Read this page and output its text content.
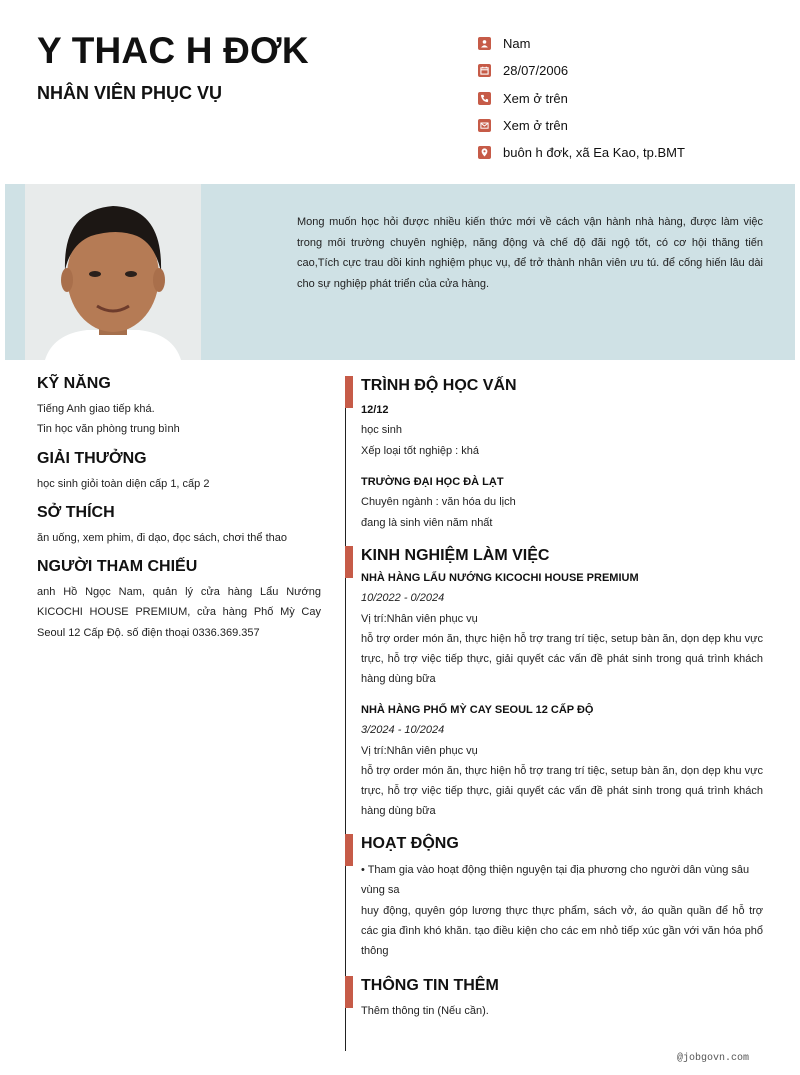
Y THAC H ĐƠK
NHÂN VIÊN PHỤC VỤ
Nam
28/07/2006
Xem ở trên
Xem ở trên
buôn h đơk, xã Ea Kao, tp.BMT

Mong muốn học hỏi được nhiều kiến thức mới về cách vận hành nhà hàng, được làm việc trong môi trường chuyên nghiệp, năng động và chế độ đãi ngộ tốt, có cơ hội thăng tiến cao,Tích cực trau dồi kinh nghiệm phục vụ, để trở thành nhân viên ưu tú. để cống hiến lâu dài cho sự nghiệp phát triển của cửa hàng.

KỸ NĂNG
Tiếng Anh giao tiếp khá.
Tin học văn phòng trung bình
GIẢI THƯỞNG
học sinh giỏi toàn diện cấp 1, cấp 2
SỞ THÍCH
ăn uống, xem phim, đi dạo, đọc sách, chơi thể thao
NGƯỜI THAM CHIẾU
anh Hồ Ngọc Nam, quản lý cửa hàng Lẩu Nướng KICOCHI HOUSE PREMIUM, cửa hàng Phố Mỳ Cay Seoul 12 Cấp Độ. số điện thoại 0336.369.357
TRÌNH ĐỘ HỌC VẤN
12/12
học sinh
Xếp loại tốt nghiệp : khá
TRƯỜNG ĐẠI HỌC ĐÀ LẠT
Chuyên ngành : văn hóa du lịch
đang là sinh viên năm nhất
KINH NGHIỆM LÀM VIỆC
NHÀ HÀNG LẨU NƯỚNG KICOCHI HOUSE PREMIUM
10/2022 - 0/2024
Vị trí:Nhân viên phục vụ
hỗ trợ order món ăn, thực hiện hỗ trợ trang trí tiệc, setup bàn ăn, dọn dẹp khu vực trực, hỗ trợ việc tiếp thực, giải quyết các vấn đề phát sinh trong quá trình khách hàng dùng bữa
NHÀ HÀNG PHỐ MỲ CAY SEOUL 12 CẤP ĐỘ
3/2024 - 10/2024
Vị trí:Nhân viên phục vụ
hỗ trợ order món ăn, thực hiện hỗ trợ trang trí tiệc, setup bàn ăn, dọn dẹp khu vực trực, hỗ trợ việc tiếp thực, giải quyết các vấn đề phát sinh trong quá trình khách hàng dùng bữa
HOẠT ĐỘNG
• Tham gia vào hoạt động thiện nguyện tại địa phương cho người dân vùng sâu vùng sa
huy động, quyên góp lương thực thực phẩm, sách vở, áo quần quần để hỗ trợ các gia đình khó khăn. tạo điều kiện cho các em nhỏ tiếp xúc gần với văn hóa phổ thông
THÔNG TIN THÊM
Thêm thông tin (Nếu cần).
@jobgovn.com
